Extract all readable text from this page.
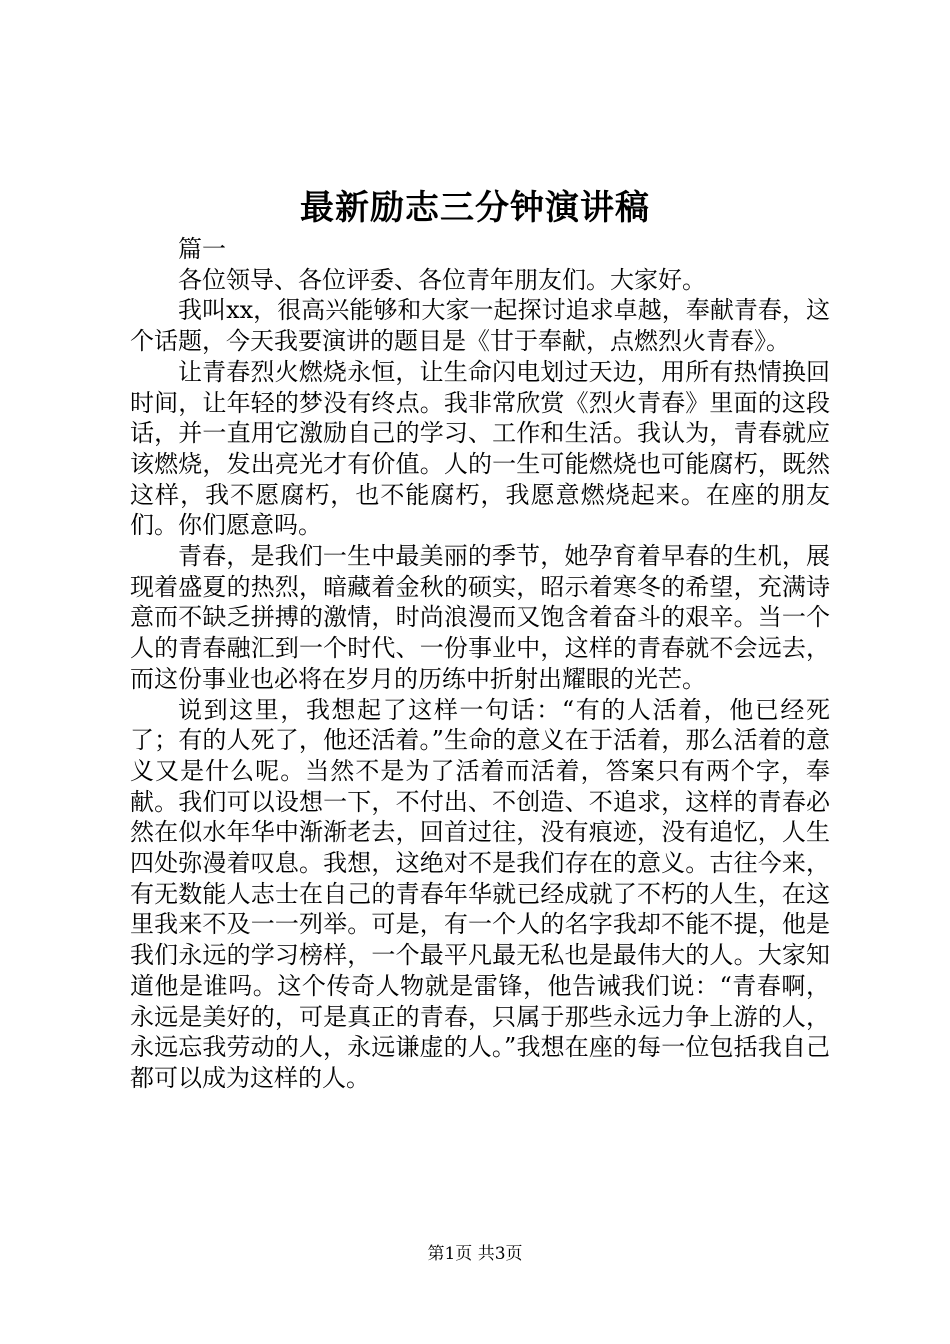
最新励志三分钟演讲稿

篇一

各位领导、各位评委、各位青年朋友们。大家好。

我叫xx，很高兴能够和大家一起探讨追求卓越，奉献青春，这个话题，今天我要演讲的题目是《甘于奉献，点燃烈火青春》。

让青春烈火燃烧永恒，让生命闪电划过天边，用所有热情换回时间，让年轻的梦没有终点。我非常欣赏《烈火青春》里面的这段话，并一直用它激励自己的学习、工作和生活。我认为，青春就应该燃烧，发出亮光才有价值。人的一生可能燃烧也可能腐朽，既然这样，我不愿腐朽，也不能腐朽，我愿意燃烧起来。在座的朋友们。你们愿意吗。

青春，是我们一生中最美丽的季节，她孕育着早春的生机，展现着盛夏的热烈，暗藏着金秋的硕实，昭示着寒冬的希望，充满诗意而不缺乏拼搏的激情，时尚浪漫而又饱含着奋斗的艰辛。当一个人的青春融汇到一个时代、一份事业中，这样的青春就不会远去，而这份事业也必将在岁月的历练中折射出耀眼的光芒。

说到这里，我想起了这样一句话：“有的人活着，他已经死了；有的人死了，他还活着。”生命的意义在于活着，那么活着的意义又是什么呢。当然不是为了活着而活着，答案只有两个字，奉献。我们可以设想一下，不付出、不创造、不追求，这样的青春必然在似水年华中渐渐老去，回首过往，没有痕迹，没有追忆，人生四处弥漫着叹息。我想，这绝对不是我们存在的意义。古往今来，有无数能人志士在自己的青春年华就已经成就了不朽的人生，在这里我来不及一一列举。可是，有一个人的名字我却不能不提，他是我们永远的学习榜样，一个最平凡最无私也是最伟大的人。大家知道他是谁吗。这个传奇人物就是雷锋，他告诫我们说：“青春啊，永远是美好的，可是真正的青春，只属于那些永远力争上游的人，永远忘我劳动的人，永远谦虚的人。”我想在座的每一位包括我自己都可以成为这样的人。

第1页 共3页
